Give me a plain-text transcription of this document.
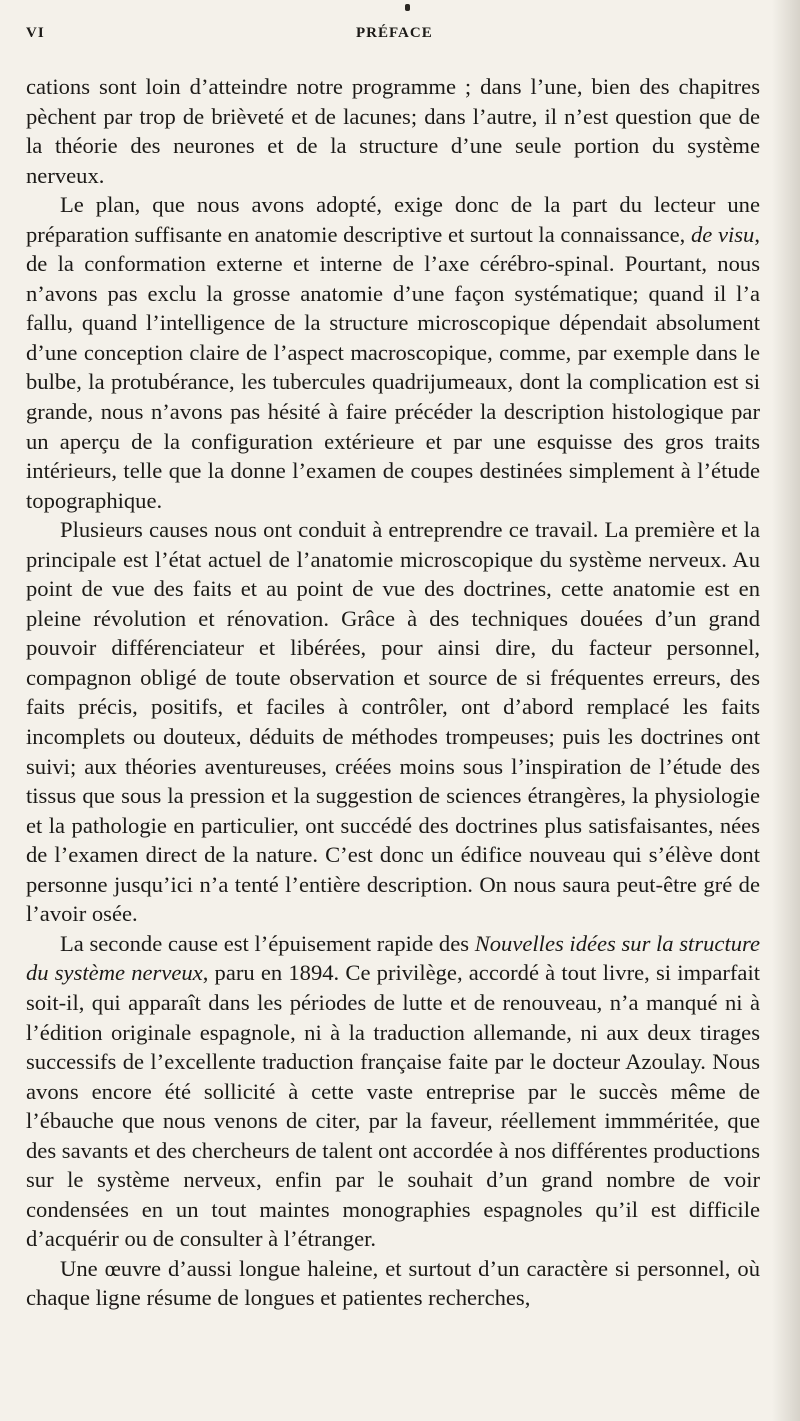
VI	PRÉFACE

cations sont loin d’atteindre notre programme ; dans l’une, bien des chapitres pèchent par trop de brièveté et de lacunes; dans l’autre, il n’est question que de la théorie des neurones et de la structure d’une seule portion du système nerveux.

Le plan, que nous avons adopté, exige donc de la part du lecteur une préparation suffisante en anatomie descriptive et surtout la connaissance, de visu, de la conformation externe et interne de l’axe cérébro-spinal. Pourtant, nous n’avons pas exclu la grosse anatomie d’une façon systématique; quand il l’a fallu, quand l’intelligence de la structure microscopique dépendait absolument d’une conception claire de l’aspect macroscopique, comme, par exemple dans le bulbe, la protubérance, les tubercules quadrijumeaux, dont la complication est si grande, nous n’avons pas hésité à faire précéder la description histologique par un aperçu de la configuration extérieure et par une esquisse des gros traits intérieurs, telle que la donne l’examen de coupes destinées simplement à l’étude topographique.

Plusieurs causes nous ont conduit à entreprendre ce travail. La première et la principale est l’état actuel de l’anatomie microscopique du système nerveux. Au point de vue des faits et au point de vue des doctrines, cette anatomie est en pleine révolution et rénovation. Grâce à des techniques douées d’un grand pouvoir différenciateur et libérées, pour ainsi dire, du facteur personnel, compagnon obligé de toute observation et source de si fréquentes erreurs, des faits précis, positifs, et faciles à contrôler, ont d’abord remplacé les faits incomplets ou douteux, déduits de méthodes trompeuses; puis les doctrines ont suivi; aux théories aventureuses, créées moins sous l’inspiration de l’étude des tissus que sous la pression et la suggestion de sciences étrangères, la physiologie et la pathologie en particulier, ont succédé des doctrines plus satisfaisantes, nées de l’examen direct de la nature. C’est donc un édifice nouveau qui s’élève dont personne jusqu’ici n’a tenté l’entière description. On nous saura peut-être gré de l’avoir osée.

La seconde cause est l’épuisement rapide des Nouvelles idées sur la structure du système nerveux, paru en 1894. Ce privilège, accordé à tout livre, si imparfait soit-il, qui apparaît dans les périodes de lutte et de renouveau, n’a manqué ni à l’édition originale espagnole, ni à la traduction allemande, ni aux deux tirages successifs de l’excellente traduction française faite par le docteur Azoulay. Nous avons encore été sollicité à cette vaste entreprise par le succès même de l’ébauche que nous venons de citer, par la faveur, réellement immméritée, que des savants et des chercheurs de talent ont accordée à nos différentes productions sur le système nerveux, enfin par le souhait d’un grand nombre de voir condensées en un tout maintes monographies espagnoles qu’il est difficile d’acquérir ou de consulter à l’étranger.

Une œuvre d’aussi longue haleine, et surtout d’un caractère si personnel, où chaque ligne résume de longues et patientes recherches,
